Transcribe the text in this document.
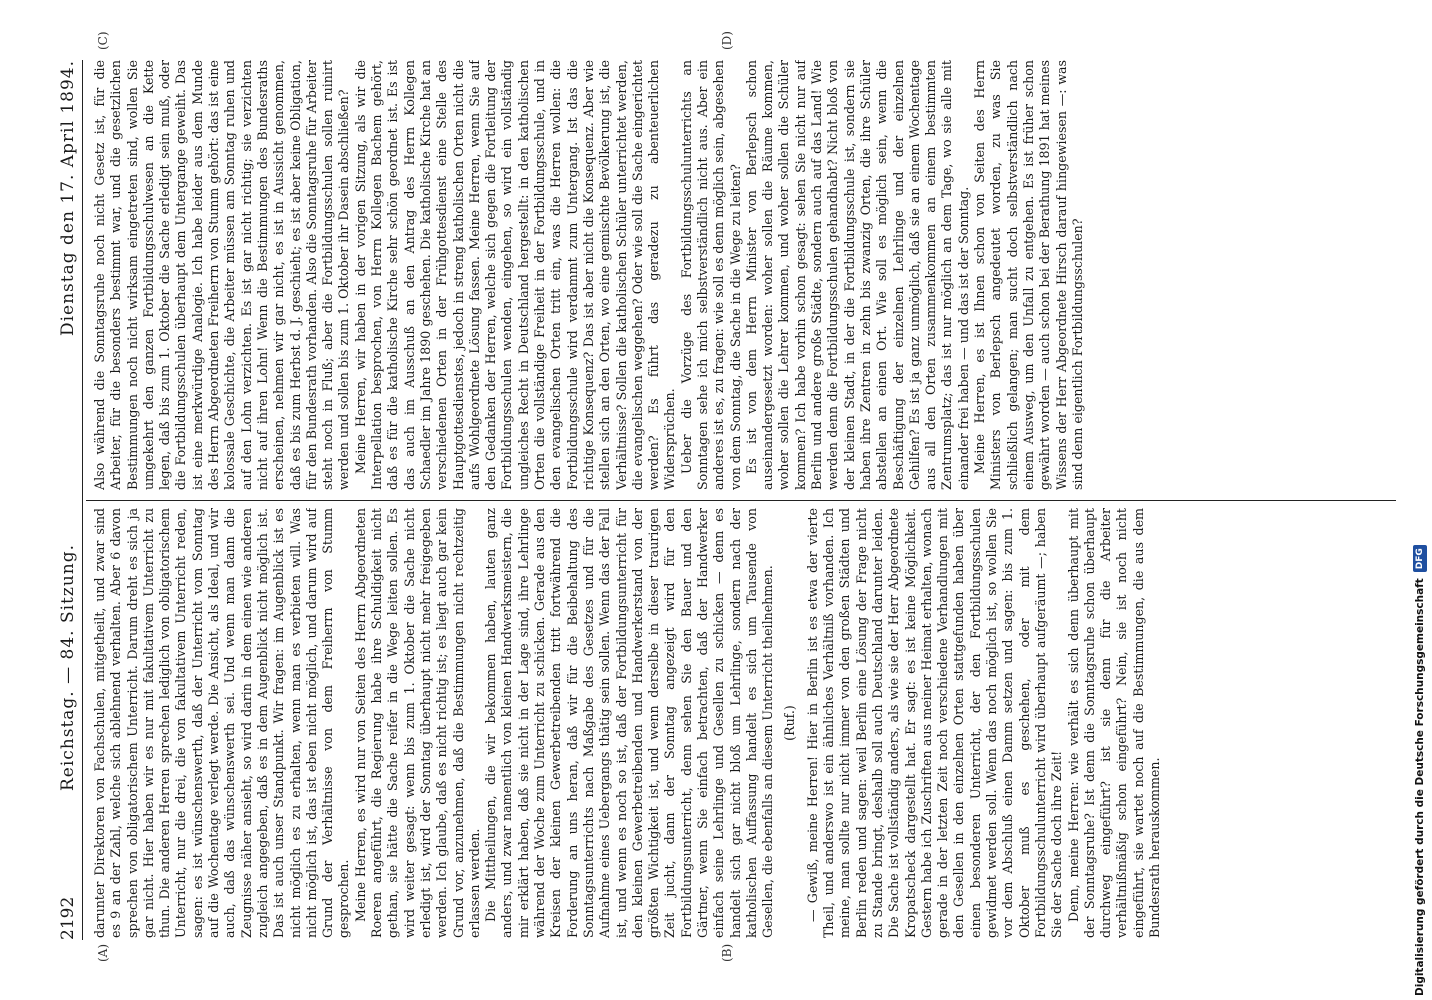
2192
Reichstag. — 84. Sitzung.
Dienstag den 17. April 1894.
(A)	(B)
(C)	(D)

darunter Direktoren von Fachschulen, mitgetheilt, und zwar sind es 9 an der Zahl, welche sich ablehnend verhalten. Aber 6 davon sprechen von obligatorischem Unterricht. Darum dreht es sich ja gar nicht. Hier haben wir es nur mit fakultativem Unterricht zu thun. Die anderen Herren sprechen lediglich von obligatorischem Unterricht, nur die drei, die von fakultativem Unterricht reden, sagen: es ist wünschenswerth, daß der Unterricht vom Sonntag auf die Wochentage verlegt werde. Die Ansicht, als Ideal, und wir auch, daß das wünschenswerth sei. Und wenn man dann die Zeugnisse näher ansieht, so wird darin in dem einen wie anderen zugleich angegeben, daß es in dem Augenblick nicht möglich ist. Das ist auch unser Standpunkt. Wir fragen: im Augenblick ist es nicht möglich es zu erhalten, wenn man es verbieten will. Was nicht möglich ist, das ist eben nicht möglich, und darum wird auf Grund der Verhältnisse von dem Freiherrn von Stumm gesprochen. Meine Herren, es wird nur von Seiten des Herrn Abgeordneten Roeren angeführt, die Regierung habe ihre Schuldigkeit nicht gethan, sie hätte die Sache reifer in die Wege leiten sollen. Es wird weiter gesagt: wenn bis zum 1. Oktober die Sache nicht erledigt ist, wird der Sonntag überhaupt nicht mehr freigegeben werden. Ich glaube, daß es nicht richtig ist; es liegt auch gar kein Grund vor, anzunehmen, daß die Bestimmungen nicht rechtzeitig erlassen werden. Die Mittheilungen, die wir bekommen haben, lauten ganz anders, und zwar namentlich von kleinen Handwerksmeistern, die mir erklärt haben, daß sie nicht in der Lage sind, ihre Lehrlinge während der Woche zum Unterricht zu schicken. Gerade aus den Kreisen der kleinen Gewerbetreibenden tritt fortwährend die Forderung an uns heran, daß wir für die Beibehaltung des Sonntagsunterrichts nach Maßgabe des Gesetzes und für die Aufnahme eines Uebergangs thätig sein sollen. Wenn das der Fall ist, und wenn es noch so ist, daß der Fortbildungsunterricht für den kleinen Gewerbetreibenden und Handwerkerstand von der größten Wichtigkeit ist, und wenn derselbe in dieser traurigen Zeit jucht, dann der Sonntag angezeigt wird für den Fortbildungsunterricht, denn sehen Sie den Bauer und den Gärtner, wenn Sie einfach betrachten, daß der Handwerker einfach seine Lehrlinge und Gesellen zu schicken — denn es handelt sich gar nicht bloß um Lehrlinge, sondern nach der katholischen Auffassung handelt es sich um Tausende von Gesellen, die ebenfalls an diesem Unterricht theilnehmen. (Ruf.) — Gewiß, meine Herren! Hier in Berlin ist es etwa der vierte Theil, und anderswo ist ein ähnliches Verhältniß vorhanden. Ich meine, man sollte nur nicht immer von den großen Städten und Berlin reden und sagen: weil Berlin eine Lösung der Frage nicht zu Stande bringt, deshalb soll auch Deutschland darunter leiden. Die Sache ist vollständig anders, als wie sie der Herr Abgeordnete Kropatscheck dargestellt hat. Er sagt: es ist keine Möglichkeit. Gestern habe ich Zuschriften aus meiner Heimat erhalten, wonach gerade in der letzten Zeit noch verschiedene Verhandlungen mit den Gesellen in den einzelnen Orten stattgefunden haben über einen besonderen Unterricht, der den Fortbildungsschulen gewidmet werden soll. Wenn das noch möglich ist, so wollen Sie vor dem Abschluß einen Damm setzen und sagen: bis zum 1. Oktober muß es geschehen, oder mit dem Fortbildungsschulunterricht wird überhaupt aufgeräumt —; haben Sie der Sache doch ihre Zeit! Denn, meine Herren: wie verhält es sich denn überhaupt mit der Sonntagsruhe? Ist denn die Sonntagsruhe schon überhaupt durchweg eingeführt? ist sie denn für die Arbeiter verhältnißmäßig schon eingeführt? Nein, sie ist noch nicht eingeführt, sie wartet noch auf die Bestimmungen, die aus dem Bundesrath herauskommen.

Also während die Sonntagsruhe noch nicht Gesetz ist, für die Arbeiter, für die besonders bestimmt war, und die gesetzlichen Bestimmungen noch nicht wirksam eingetreten sind, wollen Sie umgekehrt den ganzen Fortbildungsschulwesen an die Kette legen, daß bis zum 1. Oktober die Sache erledigt sein muß, oder die Fortbildungsschulen überhaupt dem Untergange geweiht. Das ist eine merkwürdige Analogie. Ich habe leider aus dem Munde des Herrn Abgeordneten Freiherrn von Stumm gehört: das ist eine kolossale Geschichte, die Arbeiter müssen am Sonntag ruhen und auf den Lohn verzichten. Es ist gar nicht richtig; sie verzichten nicht auf ihren Lohn! Wenn die Bestimmungen des Bundesraths erscheinen, nehmen wir gar nicht, es ist in Aussicht genommen, daß es bis zum Herbst d. J. geschieht; es ist aber keine Obligation, für den Bundesrath vorhanden. Also die Sonntagsruhe für Arbeiter steht noch in Fluß; aber die Fortbildungsschulen sollen ruinirt werden und sollen bis zum 1. Oktober ihr Dasein abschließen? Meine Herren, wir haben in der vorigen Sitzung, als wir die Interpellation besprochen, von Herrn Kollegen Bachem gehört, daß es für die katholische Kirche sehr schön geordnet ist. Es ist das auch im Ausschuß an den Antrag des Herrn Kollegen Schaedler im Jahre 1890 geschehen. Die katholische Kirche hat an verschiedenen Orten in der Frühgottesdienst eine Stelle des Hauptgottesdienstes, jedoch in streng katholischen Orten nicht die aufs Wohlgeordnete Lösung fassen. Meine Herren, wenn Sie auf den Gedanken der Herren, welche sich gegen die Fortleitung der Fortbildungsschulen wenden, eingehen, so wird ein vollständig ungleiches Recht in Deutschland hergestellt: in den katholischen Orten die vollständige Freiheit in der Fortbildungsschule, und in den evangelischen Orten tritt ein, was die Herren wollen: die Fortbildungsschule wird verdammt zum Untergang. Ist das die richtige Konsequenz? Das ist aber nicht die Konsequenz. Aber wie stellen sich an den Orten, wo eine gemischte Bevölkerung ist, die Verhältnisse? Sollen die katholischen Schüler unterrichtet werden, die evangelischen weggehen? Oder wie soll die Sache eingerichtet werden? Es führt das geradezu zu abenteuerlichen Widersprüchen. Ueber die Vorzüge des Fortbildungsschulunterrichts an Sonntagen sehe ich mich selbstverständlich nicht aus. Aber ein anderes ist es, zu fragen: wie soll es denn möglich sein, abgesehen von dem Sonntag, die Sache in die Wege zu leiten? Es ist von dem Herrn Minister von Berlepsch schon auseinandergesetzt worden: woher sollen die Räume kommen, woher sollen die Lehrer kommen, und woher sollen die Schüler kommen? Ich habe vorhin schon gesagt: sehen Sie nicht nur auf Berlin und andere große Städte, sondern auch auf das Land! Wie werden denn die Fortbildungsschulen gehandhabt? Nicht bloß von der kleinen Stadt, in der die Fortbildungsschule ist, sondern sie haben ihre Zentren in zehn bis zwanzig Orten, die ihre Schüler abstellen an einen Ort. Wie soll es möglich sein, wenn die Beschäftigung der einzelnen Lehrlinge und der einzelnen Gehilfen? Es ist ja ganz unmöglich, daß sie an einem Wochentage aus all den Orten zusammenkommen an einem bestimmten Zentrumsplatz; das ist nur möglich an dem Tage, wo sie alle mit einander frei haben — und das ist der Sonntag. Meine Herren, es ist Ihnen schon von Seiten des Herrn Ministers von Berlepsch angedeutet worden, zu was Sie schließlich gelangen; man sucht doch selbstverständlich nach einem Ausweg, um den Unfall zu entgehen. Es ist früher schon gewährt worden — auch schon bei der Berathung 1891 hat meines Wissens der Herr Abgeordnete Hirsch darauf hingewiesen —: was sind denn eigentlich Fortbildungsschulen?

Digitalisierung gefördert durch die Deutsche Forschungsgemeinschaft
DFG
